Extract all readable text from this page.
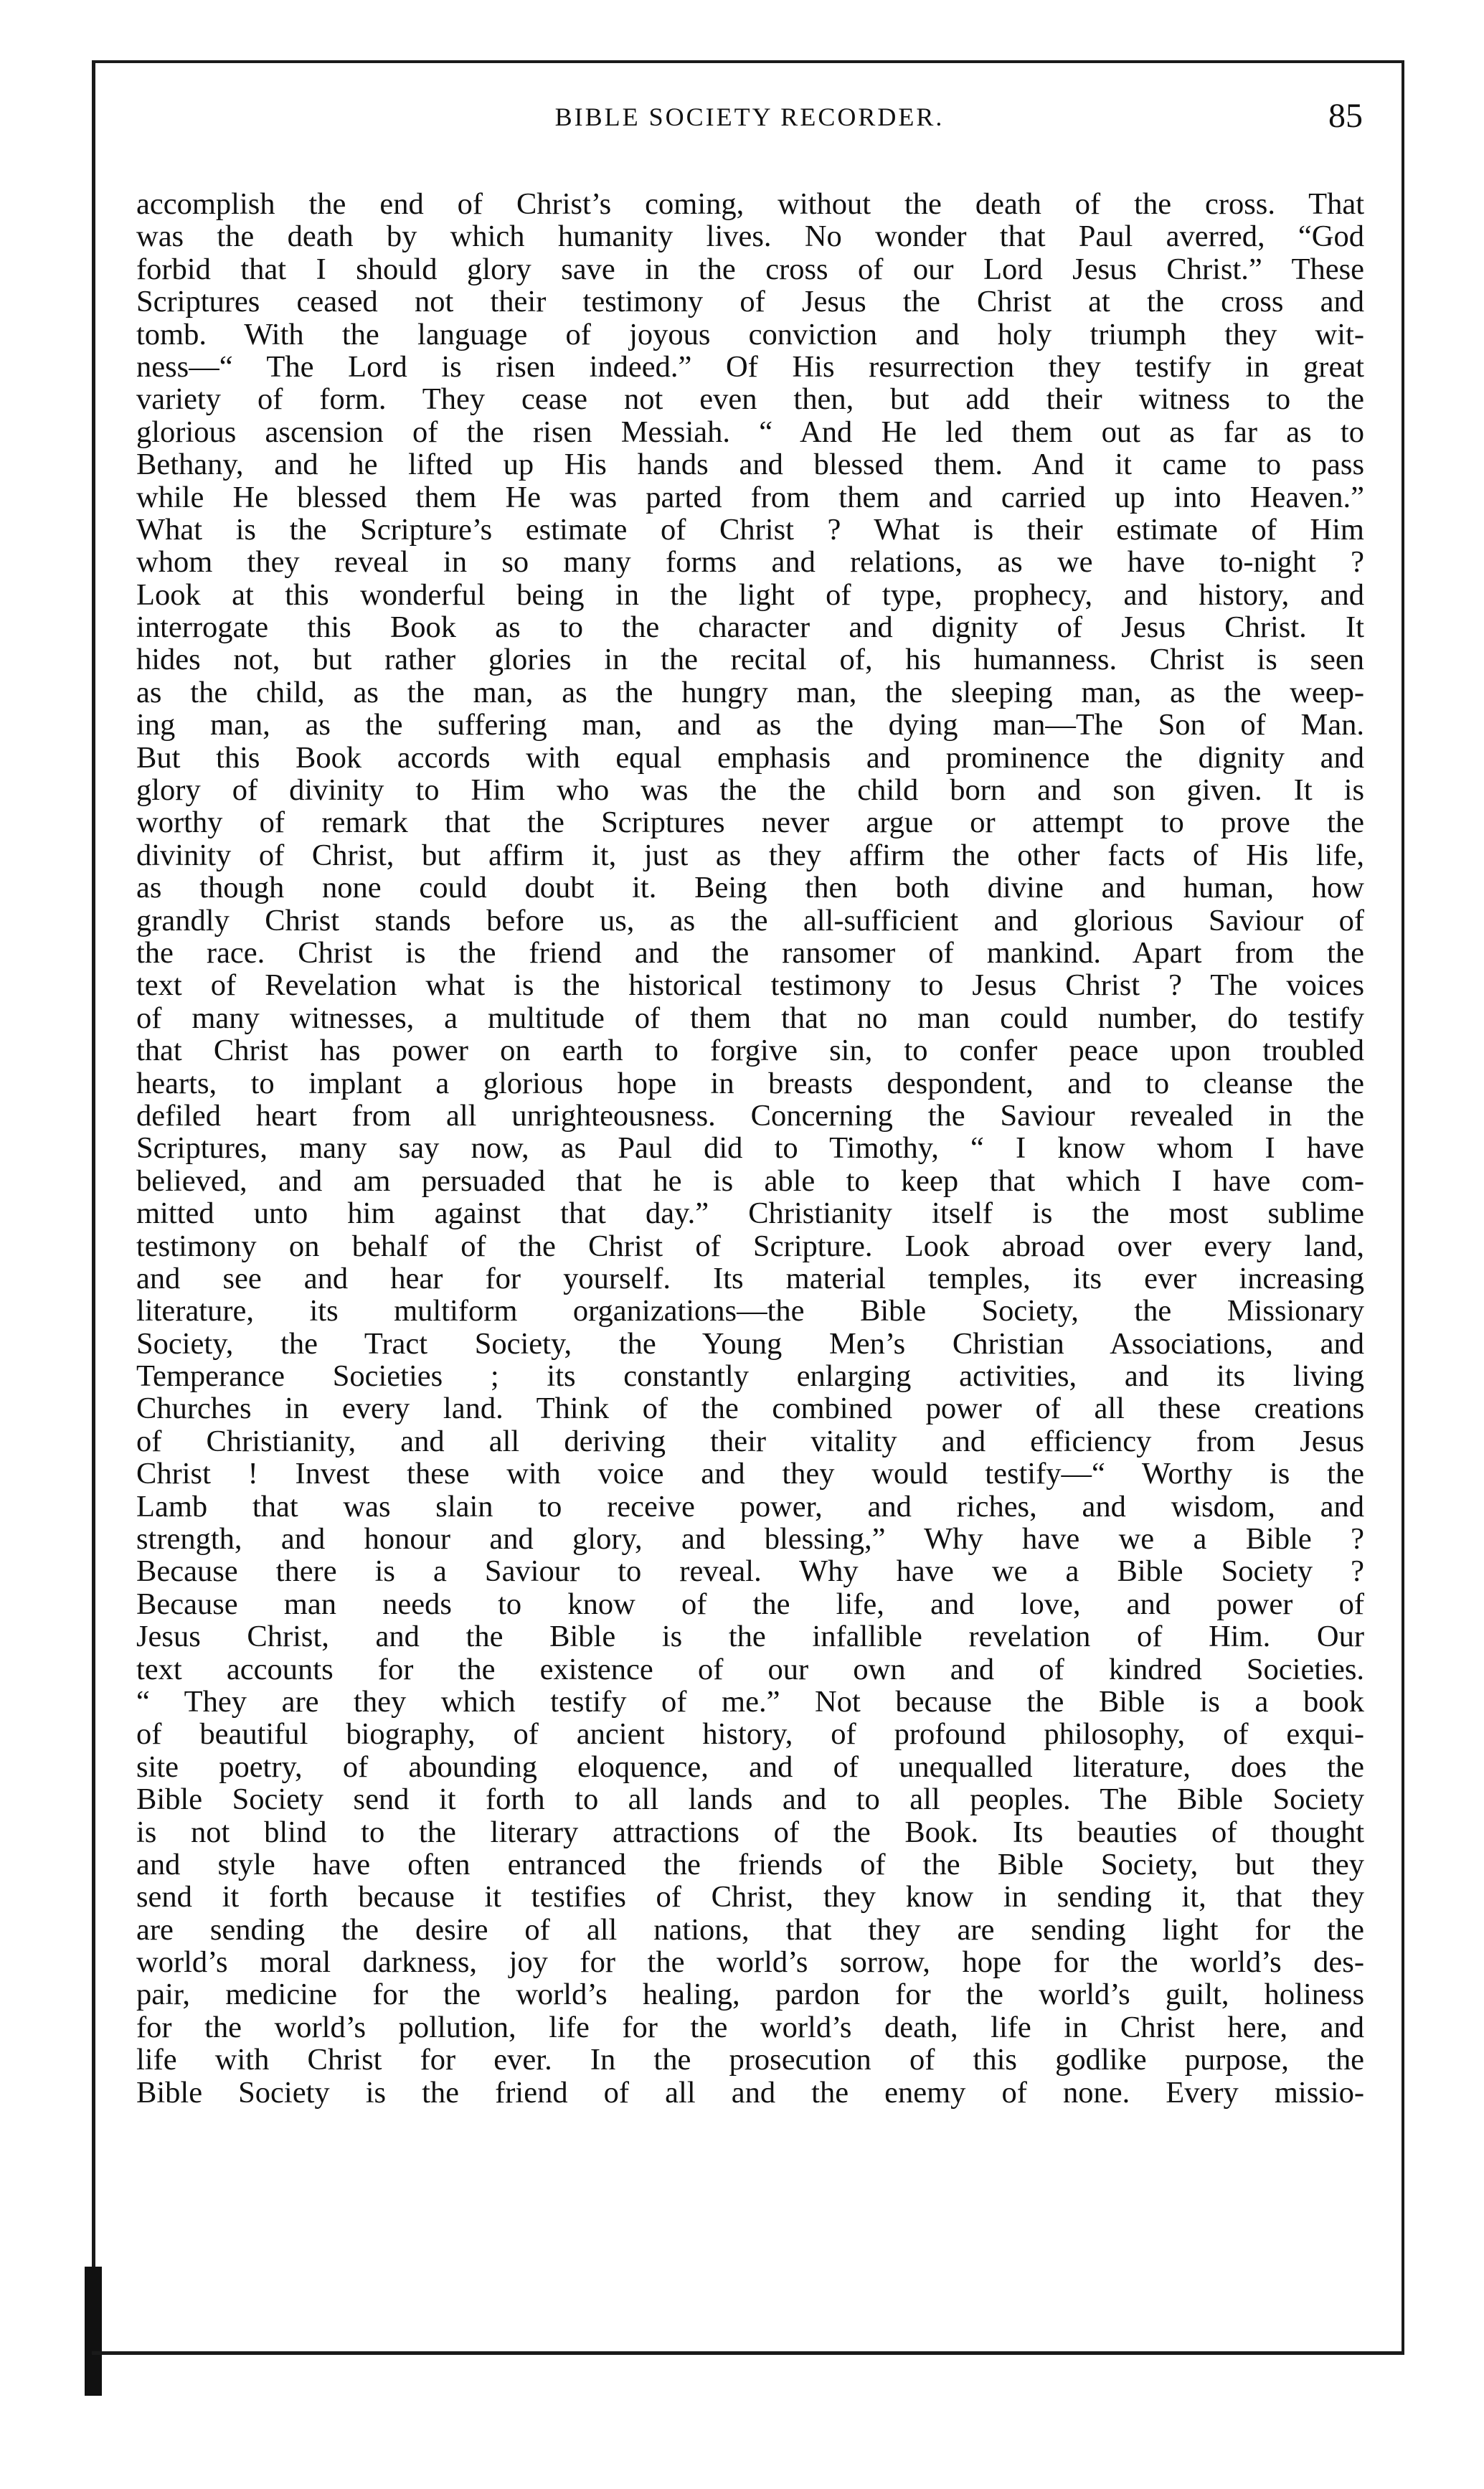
BIBLE SOCIETY RECORDER.	85
accomplish the end of Christ’s coming, without the death of the cross. That
was the death by which humanity lives. No wonder that Paul averred, “God
forbid that I should glory save in the cross of our Lord Jesus Christ.” These
Scriptures ceased not their testimony of Jesus the Christ at the cross and
tomb. With the language of joyous conviction and holy triumph they wit-
ness—“ The Lord is risen indeed.” Of His resurrection they testify in great
variety of form. They cease not even then, but add their witness to the
glorious ascension of the risen Messiah. “ And He led them out as far as to
Bethany, and he lifted up His hands and blessed them. And it came to pass
while He blessed them He was parted from them and carried up into Heaven.”
What is the Scripture’s estimate of Christ ? What is their estimate of Him
whom they reveal in so many forms and relations, as we have to-night ?
Look at this wonderful being in the light of type, prophecy, and history, and
interrogate this Book as to the character and dignity of Jesus Christ. It
hides not, but rather glories in the recital of, his humanness. Christ is seen
as the child, as the man, as the hungry man, the sleeping man, as the weep-
ing man, as the suffering man, and as the dying man—The Son of Man.
But this Book accords with equal emphasis and prominence the dignity and
glory of divinity to Him who was the the child born and son given. It is
worthy of remark that the Scriptures never argue or attempt to prove the
divinity of Christ, but affirm it, just as they affirm the other facts of His life,
as though none could doubt it. Being then both divine and human, how
grandly Christ stands before us, as the all-sufficient and glorious Saviour of
the race. Christ is the friend and the ransomer of mankind. Apart from the
text of Revelation what is the historical testimony to Jesus Christ ? The voices
of many witnesses, a multitude of them that no man could number, do testify
that Christ has power on earth to forgive sin, to confer peace upon troubled
hearts, to implant a glorious hope in breasts despondent, and to cleanse the
defiled heart from all unrighteousness. Concerning the Saviour revealed in the
Scriptures, many say now, as Paul did to Timothy, “ I know whom I have
believed, and am persuaded that he is able to keep that which I have com-
mitted unto him against that day.” Christianity itself is the most sublime
testimony on behalf of the Christ of Scripture. Look abroad over every land,
and see and hear for yourself. Its material temples, its ever increasing
literature, its multiform organizations—the Bible Society, the Missionary
Society, the Tract Society, the Young Men’s Christian Associations, and
Temperance Societies ; its constantly enlarging activities, and its living
Churches in every land. Think of the combined power of all these creations
of Christianity, and all deriving their vitality and efficiency from Jesus
Christ ! Invest these with voice and they would testify—“ Worthy is the
Lamb that was slain to receive power, and riches, and wisdom, and
strength, and honour and glory, and blessing,” Why have we a Bible ?
Because there is a Saviour to reveal. Why have we a Bible Society ?
Because man needs to know of the life, and love, and power of
Jesus Christ, and the Bible is the infallible revelation of Him. Our
text accounts for the existence of our own and of kindred Societies.
“ They are they which testify of me.” Not because the Bible is a book
of beautiful biography, of ancient history, of profound philosophy, of exqui-
site poetry, of abounding eloquence, and of unequalled literature, does the
Bible Society send it forth to all lands and to all peoples. The Bible Society
is not blind to the literary attractions of the Book. Its beauties of thought
and style have often entranced the friends of the Bible Society, but they
send it forth because it testifies of Christ, they know in sending it, that they
are sending the desire of all nations, that they are sending light for the
world’s moral darkness, joy for the world’s sorrow, hope for the world’s des-
pair, medicine for the world’s healing, pardon for the world’s guilt, holiness
for the world’s pollution, life for the world’s death, life in Christ here, and
life with Christ for ever. In the prosecution of this godlike purpose, the
Bible Society is the friend of all and the enemy of none. Every missio-
